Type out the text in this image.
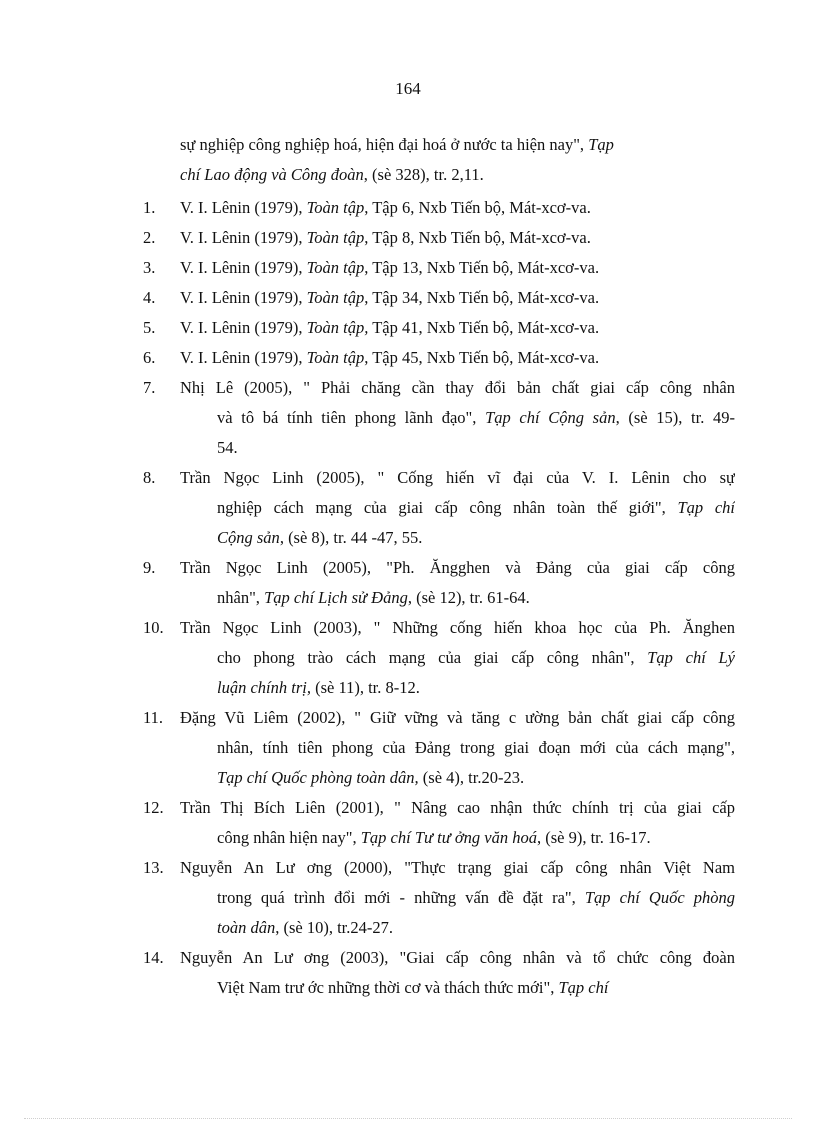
164
sự nghiệp công nghiệp hoá, hiện đại hoá ở nước ta hiện nay", Tạp
chí Lao động và Công đoàn, (sè 328), tr. 2,11.
1. V. I. Lênin (1979), Toàn tập, Tập 6, Nxb Tiến bộ, Mát-xcơ-va.
2. V. I. Lênin (1979), Toàn tập, Tập 8, Nxb Tiến bộ, Mát-xcơ-va.
3. V. I. Lênin (1979), Toàn tập, Tập 13, Nxb Tiến bộ, Mát-xcơ-va.
4. V. I. Lênin (1979), Toàn tập, Tập 34, Nxb Tiến bộ, Mát-xcơ-va.
5. V. I. Lênin (1979), Toàn tập, Tập 41, Nxb Tiến bộ, Mát-xcơ-va.
6. V. I. Lênin (1979), Toàn tập, Tập 45, Nxb Tiến bộ, Mát-xcơ-va.
7. Nhị Lê (2005), " Phải chăng cần thay đổi bản chất giai cấp công nhân
và tô bá tính tiên phong lãnh đạo", Tạp chí Cộng sản, (sè 15), tr. 49-
54.
8. Trần Ngọc Linh (2005), " Cống hiến vĩ đại của V. I. Lênin cho sự
nghiệp cách mạng của giai cấp công nhân toàn thế giới", Tạp chí
Cộng sản, (sè 8), tr. 44 -47, 55.
9. Trần Ngọc Linh (2005), "Ph. Ăngghen và Đảng của giai cấp công
nhân", Tạp chí Lịch sử Đảng, (sè 12), tr. 61-64.
10. Trần Ngọc Linh (2003), " Những cống hiến khoa học của Ph. Ănghen
cho phong trào cách mạng của giai cấp công nhân", Tạp chí Lý
luận chính trị, (sè 11), tr. 8-12.
11. Đặng Vũ Liêm (2002), " Giữ vững và tăng c ường bản chất giai cấp công
nhân, tính tiên phong của Đảng trong giai đoạn mới của cách mạng",
Tạp chí Quốc phòng toàn dân, (sè 4), tr.20-23.
12. Trần Thị Bích Liên (2001), " Nâng cao nhận thức chính trị của giai cấp
công nhân hiện nay", Tạp chí Tư tư ởng văn hoá, (sè 9), tr. 16-17.
13. Nguyễn An Lư ơng (2000), "Thực trạng giai cấp công nhân Việt Nam
trong quá trình đổi mới - những vấn đề đặt ra", Tạp chí Quốc phòng
toàn dân, (sè 10), tr.24-27.
14. Nguyễn An Lư ơng (2003), "Giai cấp công nhân và tổ chức công đoàn
Việt Nam trư ớc những thời cơ và thách thức mới", Tạp chí
